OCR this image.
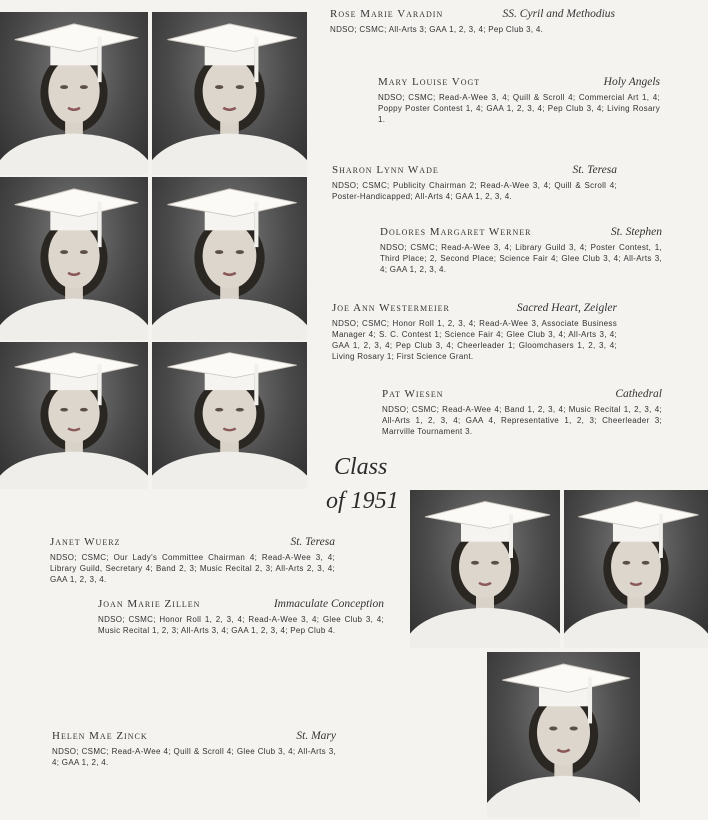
Class
of 1951
Rose Marie Varadin	SS. Cyril and Methodius
NDSO; CSMC; All-Arts 3; GAA 1, 2, 3, 4; Pep Club 3, 4.
Mary Louise Vogt	Holy Angels
NDSO; CSMC; Read-A-Wee 3, 4; Quill & Scroll 4; Commercial Art 1, 4; Poppy Poster Contest 1, 4; GAA 1, 2, 3, 4; Pep Club 3, 4; Living Rosary 1.
Sharon Lynn Wade	St. Teresa
NDSO; CSMC; Publicity Chairman 2; Read-A-Wee 3, 4; Quill & Scroll 4; Poster-Handicapped; All-Arts 4; GAA 1, 2, 3, 4.
Dolores Margaret Werner	St. Stephen
NDSO; CSMC; Read-A-Wee 3, 4; Library Guild 3, 4; Poster Contest, 1, Third Place; 2, Second Place; Science Fair 4; Glee Club 3, 4; All-Arts 3, 4; GAA 1, 2, 3, 4.
Joe Ann Westermeier	Sacred Heart, Zeigler
NDSO; CSMC; Honor Roll 1, 2, 3, 4; Read-A-Wee 3, Associate Business Manager 4; S. C. Contest 1; Science Fair 4; Glee Club 3, 4; All-Arts 3, 4; GAA 1, 2, 3, 4; Pep Club 3, 4; Cheerleader 1; Gloomchasers 1, 2, 3, 4; Living Rosary 1; First Science Grant.
Pat Wiesen	Cathedral
NDSO; CSMC; Read-A-Wee 4; Band 1, 2, 3, 4; Music Recital 1, 2, 3, 4; All-Arts 1, 2, 3, 4; GAA 4, Representative 1, 2, 3; Cheerleader 3; Marrville Tournament 3.
Janet Wuerz	St. Teresa
NDSO; CSMC; Our Lady's Committee Chairman 4; Read-A-Wee 3, 4; Library Guild, Secretary 4; Band 2, 3; Music Recital 2, 3; All-Arts 2, 3, 4; GAA 1, 2, 3, 4.
Joan Marie Zillen	Immaculate Conception
NDSO; CSMC; Honor Roll 1, 2, 3, 4; Read-A-Wee 3, 4; Glee Club 3, 4; Music Recital 1, 2, 3; All-Arts 3, 4; GAA 1, 2, 3, 4; Pep Club 4.
Helen Mae Zinck	St. Mary
NDSO; CSMC; Read-A-Wee 4; Quill & Scroll 4; Glee Club 3, 4; All-Arts 3, 4; GAA 1, 2, 4.
